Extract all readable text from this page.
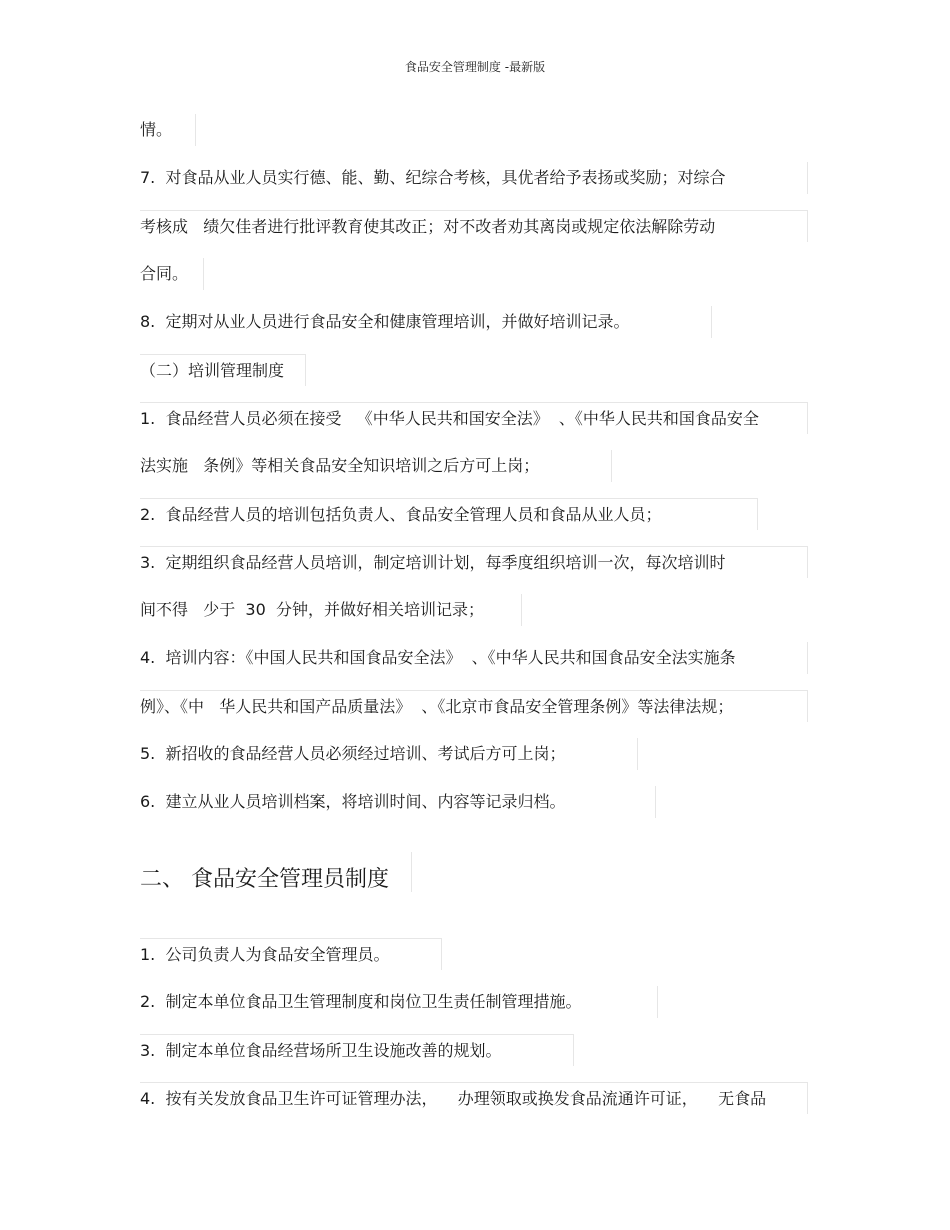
食品安全管理制度 -最新版
情。
7.  对食品从业人员实行德、能、勤、纪综合考核，具优者给予表扬或奖励；对综合
考核成   绩欠佳者进行批评教育使其改正；对不改者劝其离岗或规定依法解除劳动
合同。
8.  定期对从业人员进行食品安全和健康管理培训，并做好培训记录。
（二）培训管理制度
1.  食品经营人员必须在接受   《中华人民共和国安全法》  、《中华人民共和国食品安全
法实施   条例》等相关食品安全知识培训之后方可上岗；
2.  食品经营人员的培训包括负责人、食品安全管理人员和食品从业人员；
3.  定期组织食品经营人员培训，制定培训计划，每季度组织培训一次，每次培训时
间不得   少于  30  分钟，并做好相关培训记录；
4.  培训内容：《中国人民共和国食品安全法》  、《中华人民共和国食品安全法实施条
例》、《中   华人民共和国产品质量法》  、《北京市食品安全管理条例》等法律法规；
5.  新招收的食品经营人员必须经过培训、考试后方可上岗；
6.  建立从业人员培训档案，将培训时间、内容等记录归档。
二、 食品安全管理员制度
1.  公司负责人为食品安全管理员。
2.  制定本单位食品卫生管理制度和岗位卫生责任制管理措施。
3.  制定本单位食品经营场所卫生设施改善的规划。
4.  按有关发放食品卫生许可证管理办法，    办理领取或换发食品流通许可证，    无食品
